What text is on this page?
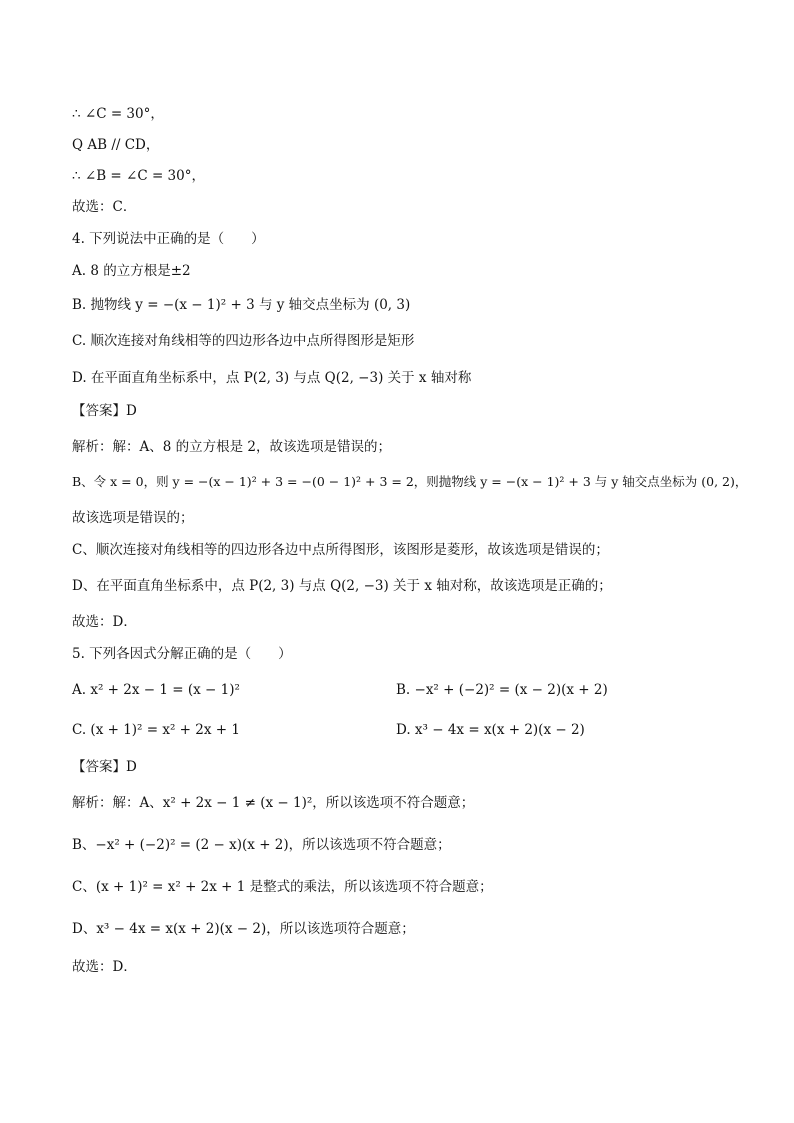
∴ ∠C = 30°，
Q AB // CD，
∴ ∠B = ∠C = 30°，
故选：C．
4. 下列说法中正确的是（　　）
A. 8 的立方根是±2
B. 抛物线 y = −(x − 1)² + 3 与 y 轴交点坐标为 (0, 3)
C. 顺次连接对角线相等的四边形各边中点所得图形是矩形
D. 在平面直角坐标系中，点 P(2, 3) 与点 Q(2, −3) 关于 x 轴对称
【答案】D
解析：解：A、8 的立方根是 2，故该选项是错误的；
B、令 x = 0，则 y = −(x − 1)² + 3 = −(0 − 1)² + 3 = 2，则抛物线 y = −(x − 1)² + 3 与 y 轴交点坐标为 (0, 2)，
故该选项是错误的；
C、顺次连接对角线相等的四边形各边中点所得图形，该图形是菱形，故该选项是错误的；
D、在平面直角坐标系中，点 P(2, 3) 与点 Q(2, −3) 关于 x 轴对称，故该选项是正确的；
故选：D．
5. 下列各因式分解正确的是（　　）
A. x² + 2x − 1 = (x − 1)²	B. −x² + (−2)² = (x − 2)(x + 2)
C. (x + 1)² = x² + 2x + 1	D. x³ − 4x = x(x + 2)(x − 2)
【答案】D
解析：解：A、x² + 2x − 1 ≠ (x − 1)²，所以该选项不符合题意；
B、−x² + (−2)² = (2 − x)(x + 2)，所以该选项不符合题意；
C、(x + 1)² = x² + 2x + 1 是整式的乘法，所以该选项不符合题意；
D、x³ − 4x = x(x + 2)(x − 2)，所以该选项符合题意；
故选：D．
